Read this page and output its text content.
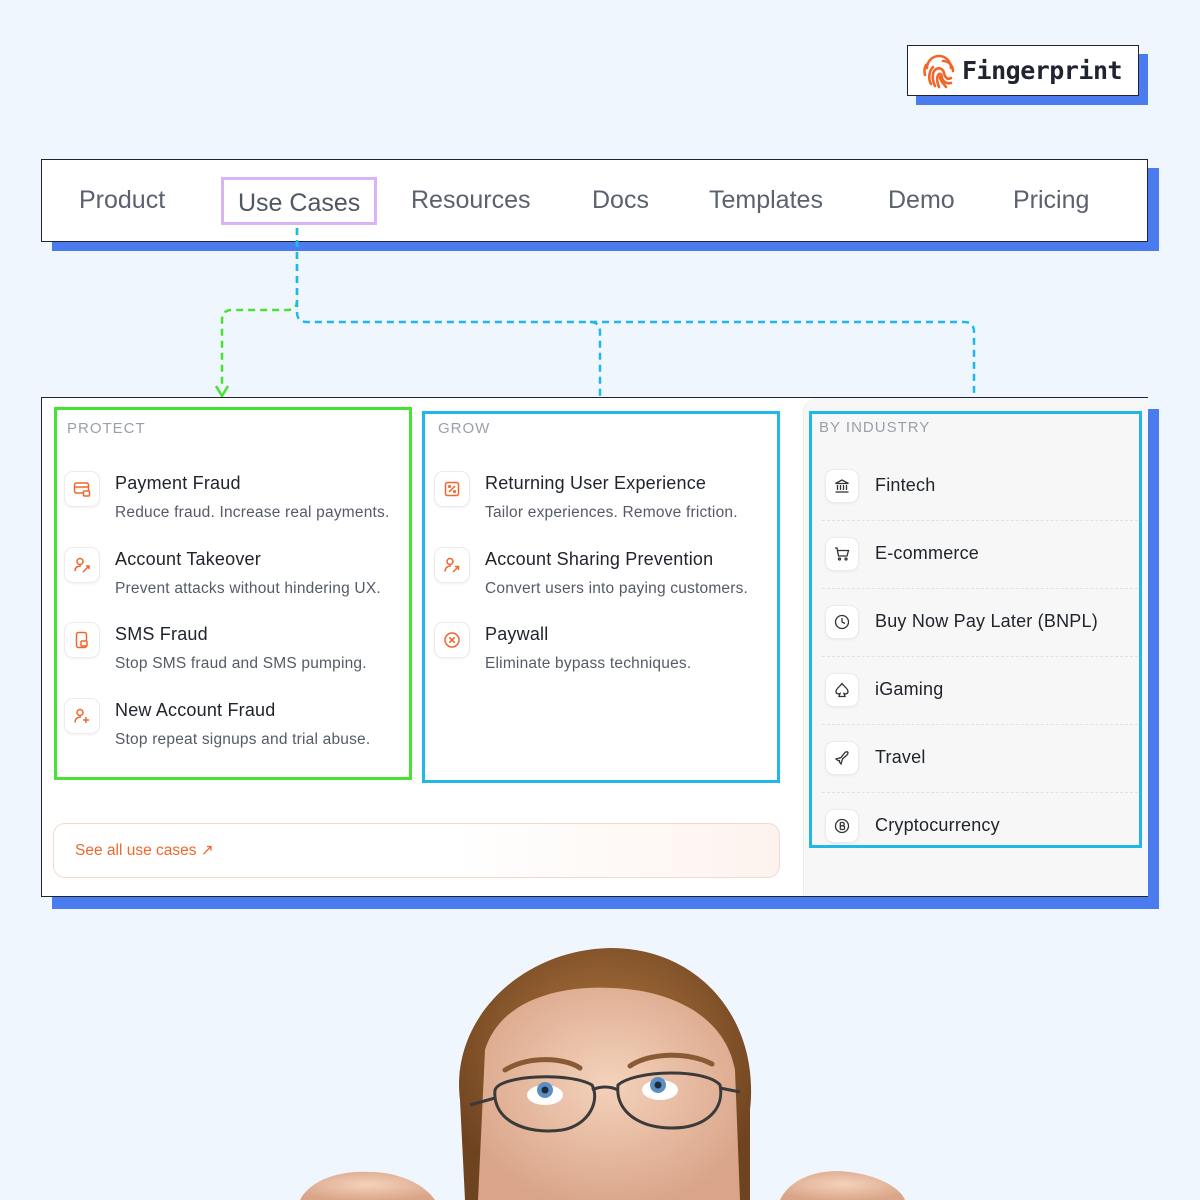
Fingerprint
Product	Use Cases	Resources Docs Templates	Demo Pricing
PROTECT
Payment Fraud
Reduce fraud. Increase real payments.
Account Takeover
Prevent attacks without hindering UX.
SMS Fraud
Stop SMS fraud and SMS pumping.
New Account Fraud
Stop repeat signups and trial abuse.
GROW
Returning User Experience
Tailor experiences. Remove friction.
Account Sharing Prevention
Convert users into paying customers.
Paywall
Eliminate bypass techniques.
BY INDUSTRY
Fintech
E-commerce
Buy Now Pay Later (BNPL)
iGaming
Travel
Cryptocurrency
See all use cases ↗
